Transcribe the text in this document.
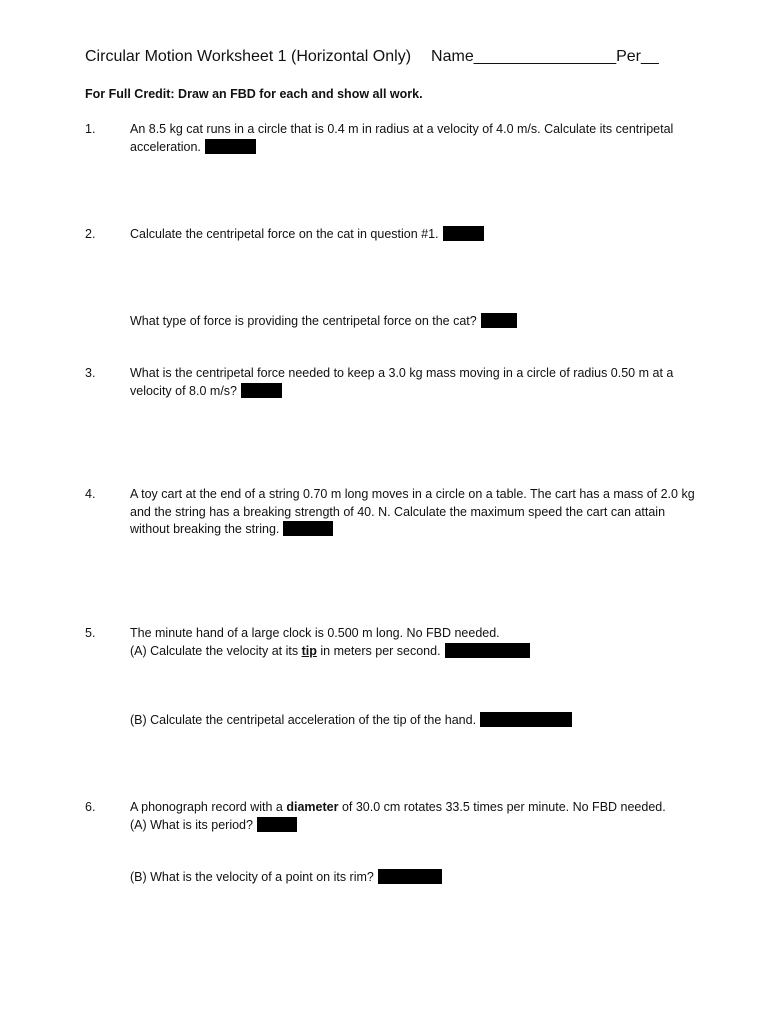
Circular Motion Worksheet 1 (Horizontal Only) Name________________Per__
For Full Credit: Draw an FBD for each and show all work.
1.	An 8.5 kg cat runs in a circle that is 0.4 m in radius at a velocity of 4.0 m/s. Calculate its centripetal
acceleration.
2.	Calculate the centripetal force on the cat in question #1.
What type of force is providing the centripetal force on the cat?
3.	What is the centripetal force needed to keep a 3.0 kg mass moving in a circle of radius 0.50 m at a
velocity of 8.0 m/s?
4.	A toy cart at the end of a string 0.70 m long moves in a circle on a table. The cart has a mass of 2.0 kg
and the string has a breaking strength of 40. N. Calculate the maximum speed the cart can attain
without breaking the string.
5.	The minute hand of a large clock is 0.500 m long. No FBD needed.
(A) Calculate the velocity at its tip in meters per second.
(B) Calculate the centripetal acceleration of the tip of the hand.
6.	A phonograph record with a diameter of 30.0 cm rotates 33.5 times per minute. No FBD needed.
(A) What is its period?
(B) What is the velocity of a point on its rim?
